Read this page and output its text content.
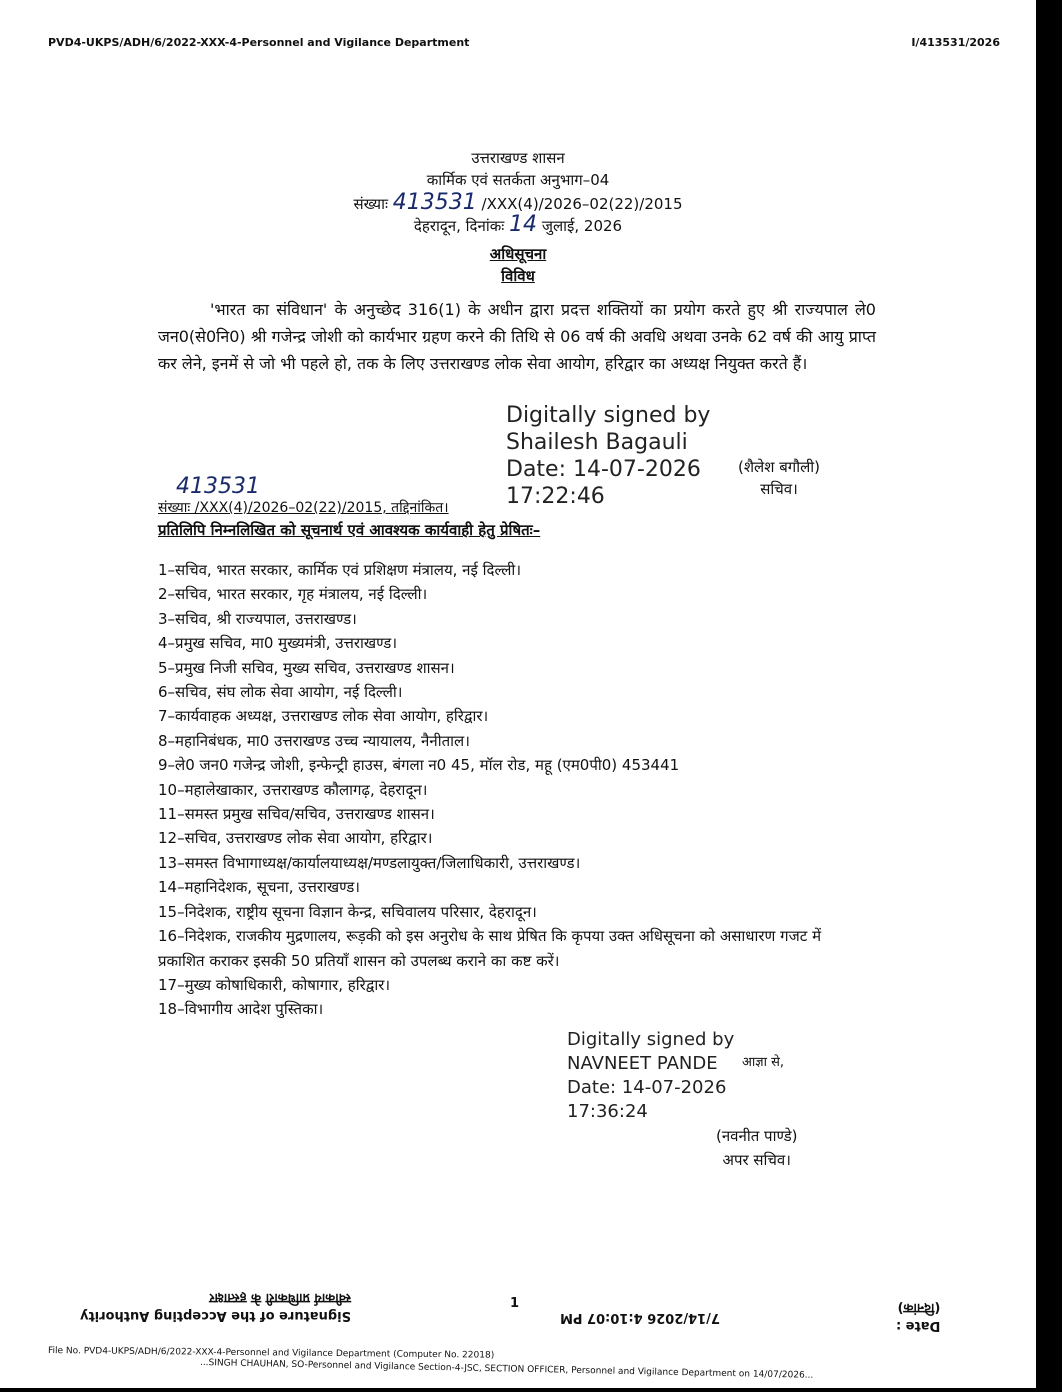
PVD4-UKPS/ADH/6/2022-XXX-4-Personnel and Vigilance Department	I/413531/2026
उत्तराखण्ड शासन
कार्मिक एवं सतर्कता अनुभाग–04
संख्याः 413531 /XXX(4)/2026–02(22)/2015
देहरादून, दिनांकः 14 जुलाई, 2026
अधिसूचना
विविध
'भारत का संविधान' के अनुच्छेद 316(1) के अधीन द्वारा प्रदत्त शक्तियों का प्रयोग करते हुए श्री राज्यपाल ले0 जन0(से0नि0) श्री गजेन्द्र जोशी को कार्यभार ग्रहण करने की तिथि से 06 वर्ष की अवधि अथवा उनके 62 वर्ष की आयु प्राप्त कर लेने, इनमें से जो भी पहले हो, तक के लिए उत्तराखण्ड लोक सेवा आयोग, हरिद्वार का अध्यक्ष नियुक्त करते हैं।
Digitally signed by
Shailesh Bagauli
Date: 14-07-2026
17:22:46
(शैलेश बगौली)
सचिव।
413531
संख्याः /XXX(4)/2026–02(22)/2015, तद्दिनांकित।
प्रतिलिपि निम्नलिखित को सूचनार्थ एवं आवश्यक कार्यवाही हेतु प्रेषितः–
1–सचिव, भारत सरकार, कार्मिक एवं प्रशिक्षण मंत्रालय, नई दिल्ली।
2–सचिव, भारत सरकार, गृह मंत्रालय, नई दिल्ली।
3–सचिव, श्री राज्यपाल, उत्तराखण्ड।
4–प्रमुख सचिव, मा0 मुख्यमंत्री, उत्तराखण्ड।
5–प्रमुख निजी सचिव, मुख्य सचिव, उत्तराखण्ड शासन।
6–सचिव, संघ लोक सेवा आयोग, नई दिल्ली।
7–कार्यवाहक अध्यक्ष, उत्तराखण्ड लोक सेवा आयोग, हरिद्वार।
8–महानिबंधक, मा0 उत्तराखण्ड उच्च न्यायालय, नैनीताल।
9–ले0 जन0 गजेन्द्र जोशी, इन्फेन्ट्री हाउस, बंगला न0 45, मॉल रोड, महू (एम0पी0) 453441
10–महालेखाकार, उत्तराखण्ड कौलागढ़, देहरादून।
11–समस्त प्रमुख सचिव/सचिव, उत्तराखण्ड शासन।
12–सचिव, उत्तराखण्ड लोक सेवा आयोग, हरिद्वार।
13–समस्त विभागाध्यक्ष/कार्यालयाध्यक्ष/मण्डलायुक्त/जिलाधिकारी, उत्तराखण्ड।
14–महानिदेशक, सूचना, उत्तराखण्ड।
15–निदेशक, राष्ट्रीय सूचना विज्ञान केन्द्र, सचिवालय परिसार, देहरादून।
16–निदेशक, राजकीय मुद्रणालय, रूड़की को इस अनुरोध के साथ प्रेषित कि कृपया उक्त अधिसूचना को असाधारण गजट में प्रकाशित कराकर इसकी 50 प्रतियाँ शासन को उपलब्ध कराने का कष्ट करें।
17–मुख्य कोषाधिकारी, कोषागार, हरिद्वार।
18–विभागीय आदेश पुस्तिका।
Digitally signed by
NAVNEET PANDE
Date: 14-07-2026
17:36:24
आज्ञा से,
(नवनीत पाण्डे)
अपर सचिव।
1
Signature of the Accepting Authority
स्वीकार्य प्राधिकारी के हस्ताक्षर
7/14/2026 4:10:07 PM
Date :
(दिनांक)
File No. PVD4-UKPS/ADH/6/2022-XXX-4-Personnel and Vigilance Department (Computer No. 22018)
...SINGH CHAUHAN, SO-Personnel and Vigilance Section-4-JSC, SECTION OFFICER, Personnel and Vigilance Department on 14/07/2026...
